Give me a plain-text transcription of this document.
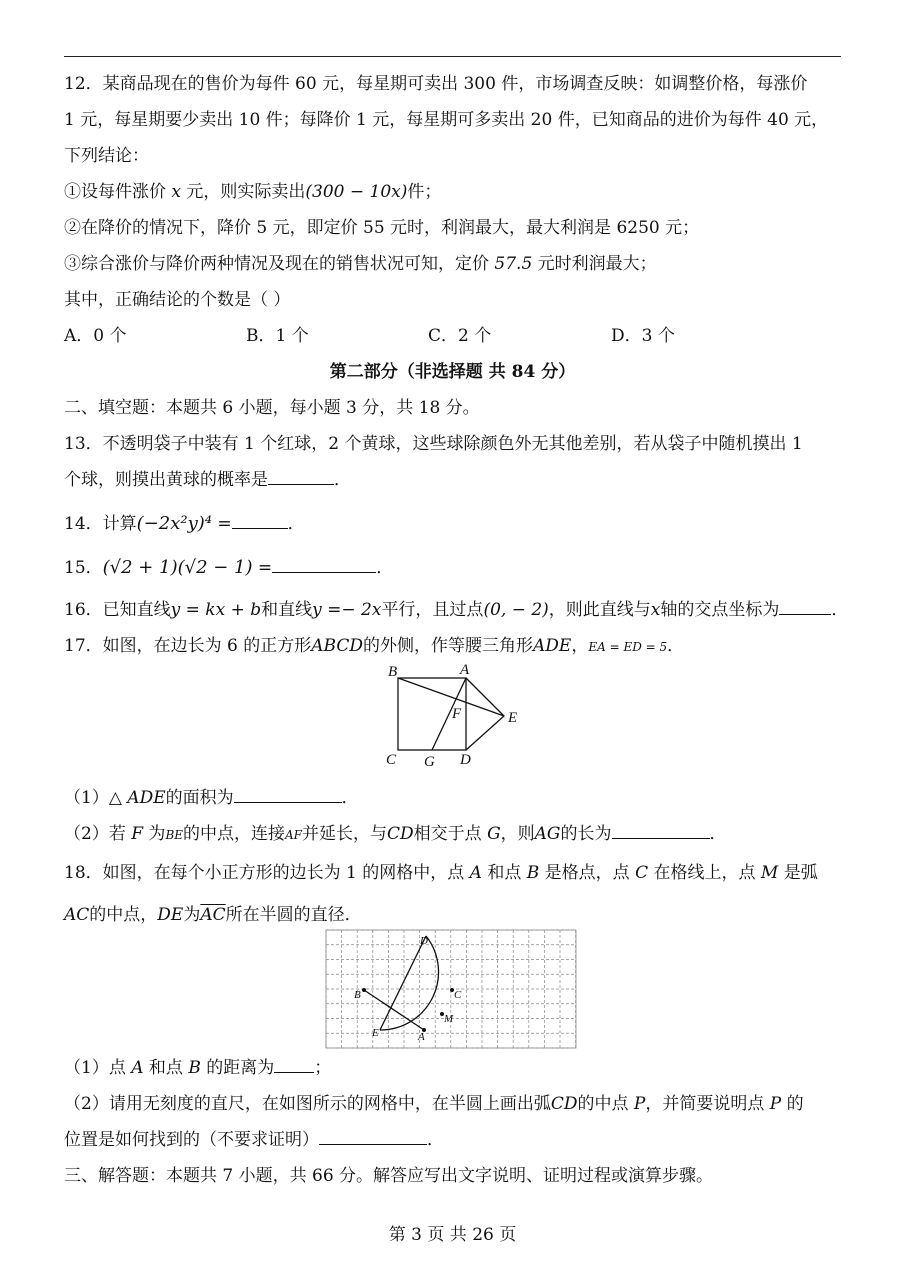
12．某商品现在的售价为每件 60 元，每星期可卖出 300 件，市场调查反映：如调整价格，每涨价

1 元，每星期要少卖出 10 件；每降价 1 元，每星期可多卖出 20 件，已知商品的进价为每件 40 元，

下列结论：

①设每件涨价 x 元，则实际卖出(300 − 10x)件；

②在降价的情况下，降价 5 元，即定价 55 元时，利润最大，最大利润是 6250 元；

③综合涨价与降价两种情况及现在的销售状况可知，定价 57.5 元时利润最大；

其中，正确结论的个数是（ ）

A．0 个	B．1 个	C．2 个	D．3 个

第二部分（非选择题 共 84 分）

二、填空题：本题共 6 小题，每小题 3 分，共 18 分。

13．不透明袋子中装有 1 个红球，2 个黄球，这些球除颜色外无其他差别，若从袋子中随机摸出 1

个球，则摸出黄球的概率是	．

14．计算(−2x²y)⁴ =	．

15．(√2 + 1)(√2 − 1) =	．

16．已知直线y = kx + b和直线y =− 2x平行，且过点(0, − 2)，则此直线与x轴的交点坐标为	．

17．如图，在边长为 6 的正方形ABCD的外侧，作等腰三角形ADE，EA = ED = 5．

B	A
F	E
C G D

（1）△ ADE的面积为	．

（2）若 F 为BE的中点，连接AF并延长，与CD相交于点 G，则AG的长为	．

18．如图，在每个小正方形的边长为 1 的网格中，点 A 和点 B 是格点，点 C 在格线上，点 M 是弧

AC的中点，DE为$\overline{AC}$所在半圆的直径．

D
B	C
M
E	A

（1）点 A 和点 B 的距离为 ；

（2）请用无刻度的直尺，在如图所示的网格中，在半圆上画出弧CD的中点 P，并简要说明点 P 的

位置是如何找到的（不要求证明）	．

三、解答题：本题共 7 小题，共 66 分。解答应写出文字说明、证明过程或演算步骤。

第 3 页 共 26 页
